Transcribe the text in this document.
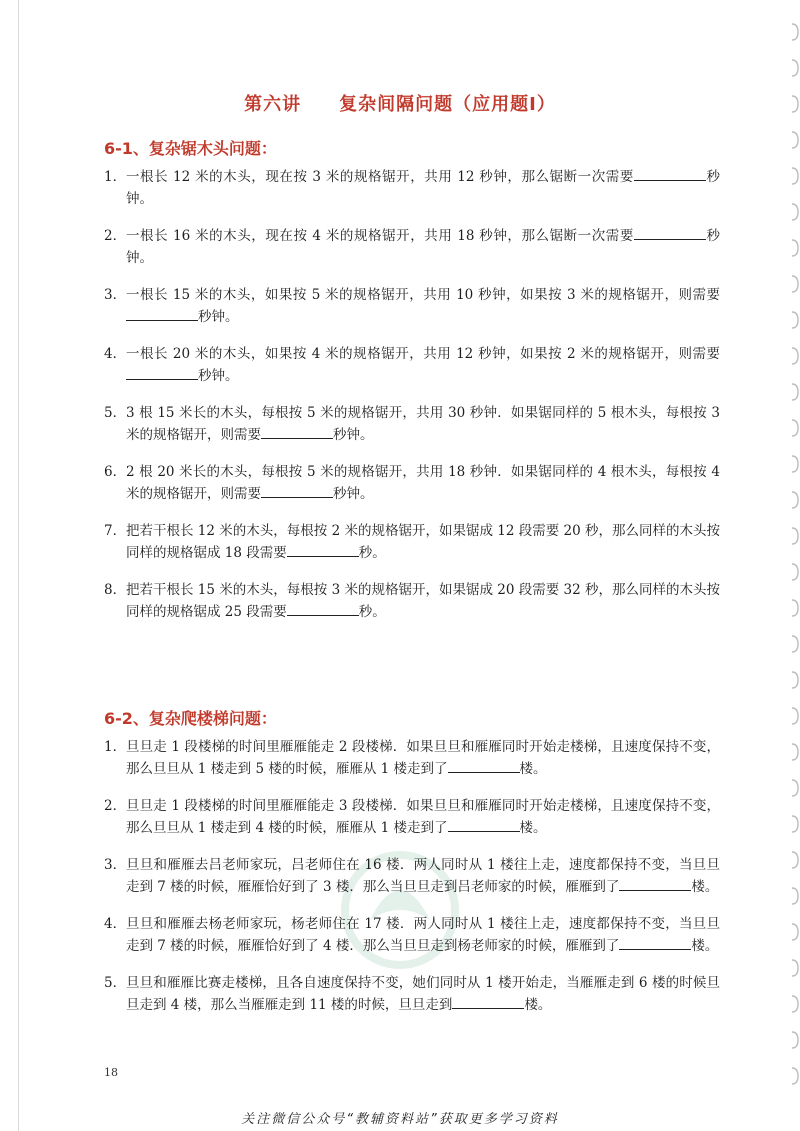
第六讲　　复杂间隔问题（应用题Ⅰ）
6-1、复杂锯木头问题：
1． 一根长 12 米的木头，现在按 3 米的规格锯开，共用 12 秒钟，那么锯断一次需要	秒钟。
2． 一根长 16 米的木头，现在按 4 米的规格锯开，共用 18 秒钟，那么锯断一次需要	秒钟。
3． 一根长 15 米的木头，如果按 5 米的规格锯开，共用 10 秒钟，如果按 3 米的规格锯开，则需要秒钟。
4． 一根长 20 米的木头，如果按 4 米的规格锯开，共用 12 秒钟，如果按 2 米的规格锯开，则需要秒钟。
5． 3 根 15 米长的木头，每根按 5 米的规格锯开，共用 30 秒钟．如果锯同样的 5 根木头，每根按 3 米的规格锯开，则需要	秒钟。
6． 2 根 20 米长的木头，每根按 5 米的规格锯开，共用 18 秒钟．如果锯同样的 4 根木头，每根按 4 米的规格锯开，则需要	秒钟。
7． 把若干根长 12 米的木头，每根按 2 米的规格锯开，如果锯成 12 段需要 20 秒，那么同样的木头按同样的规格锯成 18 段需要	秒。
8． 把若干根长 15 米的木头，每根按 3 米的规格锯开，如果锯成 20 段需要 32 秒，那么同样的木头按同样的规格锯成 25 段需要	秒。
6-2、复杂爬楼梯问题：
1． 旦旦走 1 段楼梯的时间里雁雁能走 2 段楼梯．如果旦旦和雁雁同时开始走楼梯，且速度保持不变，那么旦旦从 1 楼走到 5 楼的时候，雁雁从 1 楼走到了	楼。
2． 旦旦走 1 段楼梯的时间里雁雁能走 3 段楼梯．如果旦旦和雁雁同时开始走楼梯，且速度保持不变，那么旦旦从 1 楼走到 4 楼的时候，雁雁从 1 楼走到了	楼。
3． 旦旦和雁雁去吕老师家玩，吕老师住在 16 楼．两人同时从 1 楼往上走，速度都保持不变，当旦旦走到 7 楼的时候，雁雁恰好到了 3 楼．那么当旦旦走到吕老师家的时候，雁雁到了	楼。
4． 旦旦和雁雁去杨老师家玩，杨老师住在 17 楼．两人同时从 1 楼往上走，速度都保持不变，当旦旦走到 7 楼的时候，雁雁恰好到了 4 楼．那么当旦旦走到杨老师家的时候，雁雁到了	楼。
5． 旦旦和雁雁比赛走楼梯，且各自速度保持不变，她们同时从 1 楼开始走，当雁雁走到 6 楼的时候旦旦走到 4 楼，那么当雁雁走到 11 楼的时候，旦旦走到	楼。
18
关注微信公众号“教辅资料站”获取更多学习资料
